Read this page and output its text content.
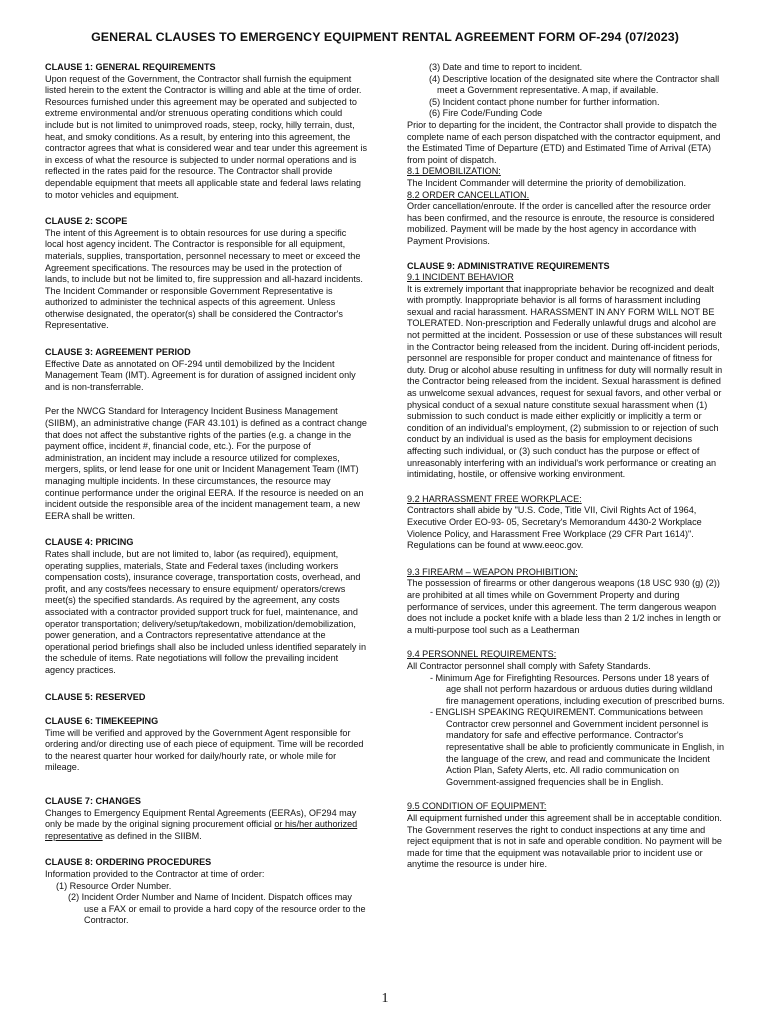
GENERAL CLAUSES TO EMERGENCY EQUIPMENT RENTAL AGREEMENT FORM OF-294 (07/2023)

CLAUSE 1: GENERAL REQUIREMENTS

Upon request of the Government, the Contractor shall furnish the equipment listed herein to the extent the Contractor is willing and able at the time of order. Resources furnished under this agreement may be operated and subjected to extreme environmental and/or strenuous operating conditions which could include but is not limited to unimproved roads, steep, rocky, hilly terrain, dust, heat, and smoky conditions. As a result, by entering into this agreement, the contractor agrees that what is considered wear and tear under this agreement is in excess of what the resource is subjected to under normal operations and is reflected in the rates paid for the resource. The Contractor shall provide dependable equipment that meets all applicable state and federal laws relating to motor vehicles and equipment.

CLAUSE 2: SCOPE

The intent of this Agreement is to obtain resources for use during a specific local host agency incident. The Contractor is responsible for all equipment, materials, supplies, transportation, personnel necessary to meet or exceed the Agreement specifications. The resources may be used in the protection of lands, to include but not be limited to, fire suppression and all-hazard incidents. The Incident Commander or responsible Government Representative is authorized to administer the technical aspects of this agreement. Unless otherwise designated, the operator(s) shall be considered the Contractor's Representative.

CLAUSE 3: AGREEMENT PERIOD

Effective Date as annotated on OF-294 until demobilized by the Incident Management Team (IMT). Agreement is for duration of assigned incident only and is non-transferrable.

Per the NWCG Standard for Interagency Incident Business Management (SIIBM), an administrative change (FAR 43.101) is defined as a contract change that does not affect the substantive rights of the parties (e.g. a change in the payment office, incident #, financial code, etc.). For the purpose of administration, an incident may include a resource utilized for complexes, mergers, splits, or lend lease for one unit or Incident Management Team (IMT) managing multiple incidents. In these circumstances, the resource may continue performance under the original EERA. If the resource is needed on an incident outside the responsible area of the incident management team, a new EERA shall be written.

CLAUSE 4: PRICING

Rates shall include, but are not limited to, labor (as required), equipment, operating supplies, materials, State and Federal taxes (including workers compensation costs), insurance coverage, transportation costs, overhead, and profit, and any costs/fees necessary to ensure equipment/ operators/crews meet(s) the specified standards. As required by the agreement, any costs associated with a contractor provided support truck for fuel, maintenance, and operator transportation; delivery/setup/takedown, mobilization/demobilization, power generation, and a Contractors representative attendance at the operational period briefings shall also be included unless identified separately in the schedule of items. Rate negotiations will follow the prevailing incident agency practices.

CLAUSE 5: RESERVED

CLAUSE 6: TIMEKEEPING

Time will be verified and approved by the Government Agent responsible for ordering and/or directing use of each piece of equipment. Time will be recorded to the nearest quarter hour worked for daily/hourly rate, or whole mile for mileage.

CLAUSE 7: CHANGES

Changes to Emergency Equipment Rental Agreements (EERAs), OF294 may only be made by the original signing procurement official or his/her authorized representative as defined in the SIIBM.

CLAUSE 8: ORDERING PROCEDURES

Information provided to the Contractor at time of order:

(1) Resource Order Number.

(2) Incident Order Number and Name of Incident. Dispatch offices may use a FAX or email to provide a hard copy of the resource order to the Contractor.

(3) Date and time to report to incident.

(4) Descriptive location of the designated site where the Contractor shall meet a Government representative. A map, if available.

(5) Incident contact phone number for further information.

(6) Fire Code/Funding Code

Prior to departing for the incident, the Contractor shall provide to dispatch the complete name of each person dispatched with the contractor equipment, and the Estimated Time of Departure (ETD) and Estimated Time of Arrival (ETA) from point of dispatch.

8.1 DEMOBILIZATION:

The Incident Commander will determine the priority of demobilization.

8.2 ORDER CANCELLATION.

Order cancellation/enroute. If the order is cancelled after the resource order has been confirmed, and the resource is enroute, the resource is considered mobilized. Payment will be made by the host agency in accordance with Payment Provisions.

CLAUSE 9: ADMINISTRATIVE REQUIREMENTS

9.1 INCIDENT BEHAVIOR

It is extremely important that inappropriate behavior be recognized and dealt with promptly. Inappropriate behavior is all forms of harassment including sexual and racial harassment. HARASSMENT IN ANY FORM WILL NOT BE TOLERATED. Non-prescription and Federally unlawful drugs and alcohol are not permitted at the incident. Possession or use of these substances will result in the Contractor being released from the incident. During off-incident periods, personnel are responsible for proper conduct and maintenance of fitness for duty. Drug or alcohol abuse resulting in unfitness for duty will normally result in the Contractor being released from the incident. Sexual harassment is defined as unwelcome sexual advances, request for sexual favors, and other verbal or physical conduct of a sexual nature constitute sexual harassment when (1) submission to such conduct is made either explicitly or implicitly a term or condition of an individual's employment, (2) submission to or rejection of such conduct by an individual is used as the basis for employment decisions affecting such individual, or (3) such conduct has the purpose or effect of unreasonably interfering with an individual's work performance or creating an intimidating, hostile, or offensive working environment.

9.2 HARRASSMENT FREE WORKPLACE:

Contractors shall abide by "U.S. Code, Title VII, Civil Rights Act of 1964, Executive Order EO-93- 05, Secretary's Memorandum 4430-2 Workplace Violence Policy, and Harassment Free Workplace (29 CFR Part 1614)". Regulations can be found at www.eeoc.gov.

9.3 FIREARM – WEAPON PROHIBITION:

The possession of firearms or other dangerous weapons (18 USC 930 (g) (2)) are prohibited at all times while on Government Property and during performance of services, under this agreement. The term dangerous weapon does not include a pocket knife with a blade less than 2 1/2 inches in length or a multi-purpose tool such as a Leatherman

9.4 PERSONNEL REQUIREMENTS:

All Contractor personnel shall comply with Safety Standards.

- Minimum Age for Firefighting Resources. Persons under 18 years of age shall not perform hazardous or arduous duties during wildland fire management operations, including execution of prescribed burns.

- ENGLISH SPEAKING REQUIREMENT. Communications between Contractor crew personnel and Government incident personnel is mandatory for safe and effective performance. Contractor's representative shall be able to proficiently communicate in English, in the language of the crew, and read and communicate the Incident Action Plan, Safety Alerts, etc. All radio communication on Government-assigned frequencies shall be in English.

9.5 CONDITION OF EQUIPMENT:

All equipment furnished under this agreement shall be in acceptable condition. The Government reserves the right to conduct inspections at any time and reject equipment that is not in safe and operable condition. No payment will be made for time that the equipment was notavailable prior to incident use or anytime the resource is under hire.

1
